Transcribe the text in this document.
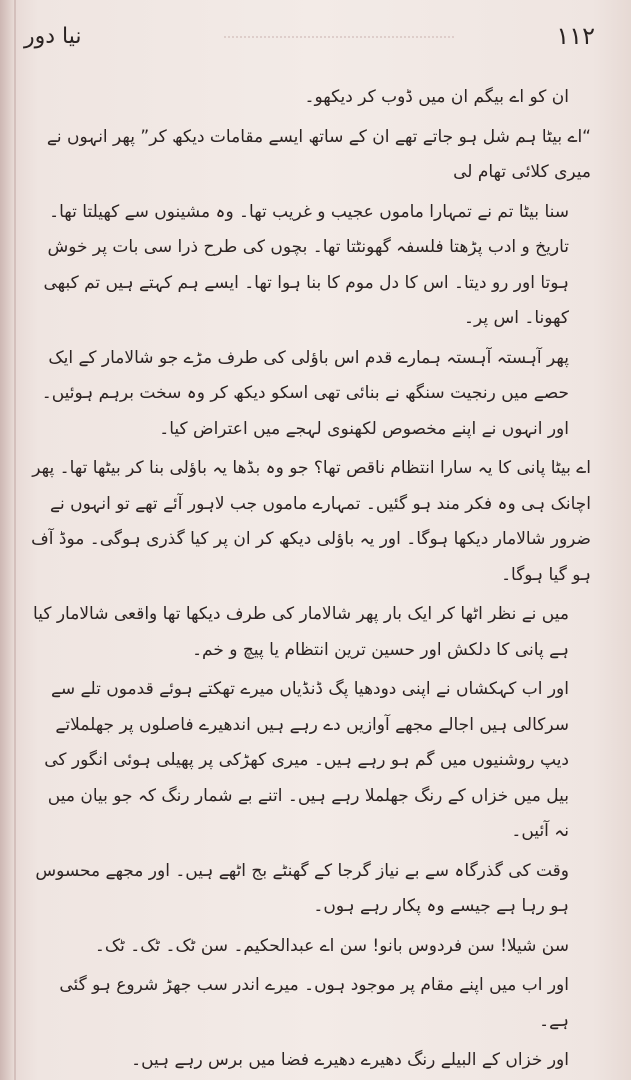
نیا دور	۱۱۲

ان کو اے بیگم ان میں ڈوب کر دیکھو۔

“اے بیٹا ہم شل ہو جاتے تھے ان کے ساتھ ایسے مقامات دیکھ کر” پھر انہوں نے میری کلائی تھام لی

سنا بیٹا تم نے تمہارا ماموں عجیب و غریب تھا۔ وہ مشینوں سے کھیلتا تھا۔ تاریخ و ادب پڑھتا فلسفہ گھونٹتا تھا۔ بچوں کی طرح ذرا سی بات پر خوش ہوتا اور رو دیتا۔ اس کا دل موم کا بنا ہوا تھا۔ ایسے ہم کہتے ہیں تم کبھی کھونا۔ اس پر۔

پھر آہستہ آہستہ ہمارے قدم اس باؤلی کی طرف مڑے جو شالامار کے ایک حصے میں رنجیت سنگھ نے بنائی تھی اسکو دیکھ کر وہ سخت برہم ہوئیں۔ اور انہوں نے اپنے مخصوص لکھنوی لہجے میں اعتراض کیا۔

اے بیٹا پانی کا یہ سارا انتظام ناقص تھا؟ جو وہ بڈھا یہ باؤلی بنا کر بیٹھا تھا۔ پھر اچانک ہی وہ فکر مند ہو گئیں۔ تمہارے ماموں جب لاہور آئے تھے تو انہوں نے ضرور شالامار دیکھا ہوگا۔ اور یہ باؤلی دیکھ کر ان پر کیا گذری ہوگی۔ موڈ آف ہو گیا ہوگا۔

میں نے نظر اٹھا کر ایک بار پھر شالامار کی طرف دیکھا تھا واقعی شالامار کیا ہے پانی کا دلکش اور حسین ترین انتظام یا پیچ و خم۔

اور اب کہکشاں نے اپنی دودھیا پگ ڈنڈیاں میرے تھکتے ہوئے قدموں تلے سے سرکالی ہیں اجالے مجھے آوازیں دے رہے ہیں اندھیرے فاصلوں پر جھلملاتے دیپ روشنیوں میں گم ہو رہے ہیں۔ میری کھڑکی پر پھیلی ہوئی انگور کی بیل میں خزاں کے رنگ جھلملا رہے ہیں۔ اتنے بے شمار رنگ کہ جو بیان میں نہ آئیں۔

وقت کی گذرگاہ سے بے نیاز گرجا کے گھنٹے بج اٹھے ہیں۔ اور مجھے محسوس ہو رہا ہے جیسے وہ پکار رہے ہوں۔

سن شیلا! سن فردوس بانو! سن اے عبدالحکیم۔ سن ٹک۔ ٹک۔ ٹک۔

اور اب میں اپنے مقام پر موجود ہوں۔ میرے اندر سب جھڑ شروع ہو گئی ہے۔

اور خزاں کے البیلے رنگ دھیرے دھیرے فضا میں برس رہے ہیں۔
